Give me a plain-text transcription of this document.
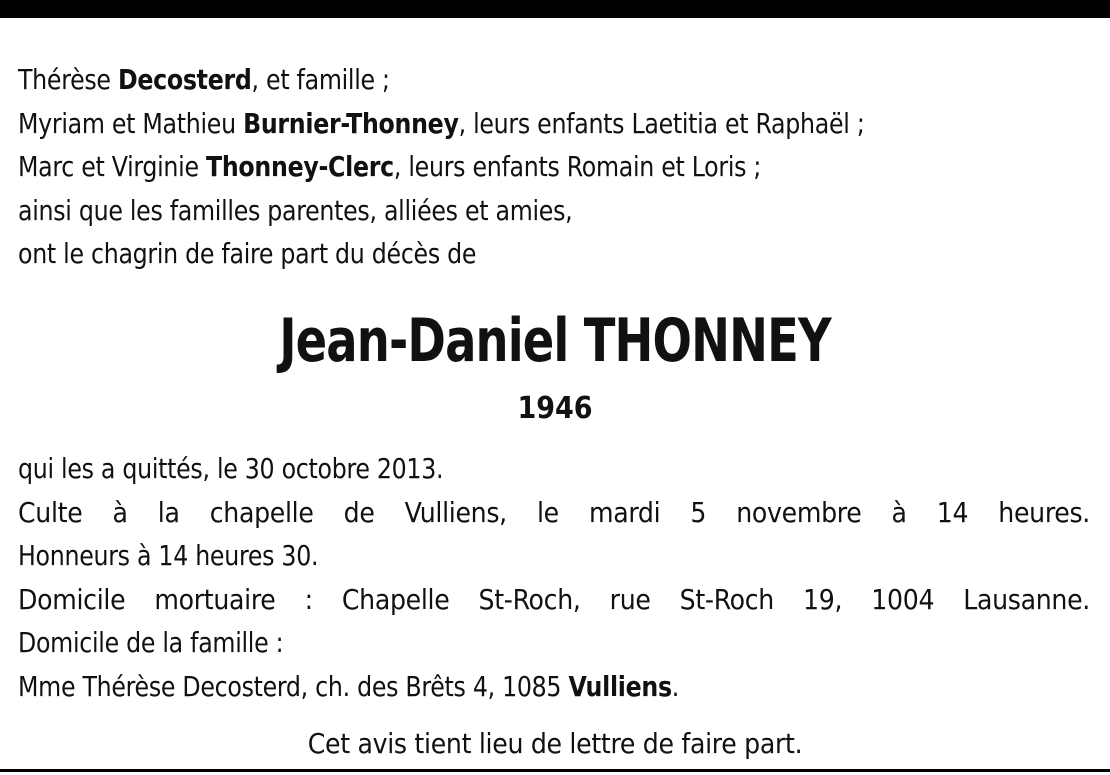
Thérèse Decosterd, et famille ;
Myriam et Mathieu Burnier-Thonney, leurs enfants Laetitia et Raphaël ;
Marc et Virginie Thonney-Clerc, leurs enfants Romain et Loris ;
ainsi que les familles parentes, alliées et amies,
ont le chagrin de faire part du décès de
Jean-Daniel THONNEY
1946
qui les a quittés, le 30 octobre 2013.
Culte à la chapelle de Vulliens, le mardi 5 novembre à 14 heures.
Honneurs à 14 heures 30.
Domicile mortuaire : Chapelle St-Roch, rue St-Roch 19, 1004 Lausanne.
Domicile de la famille :
Mme Thérèse Decosterd, ch. des Brêts 4, 1085 Vulliens.
Cet avis tient lieu de lettre de faire part.
